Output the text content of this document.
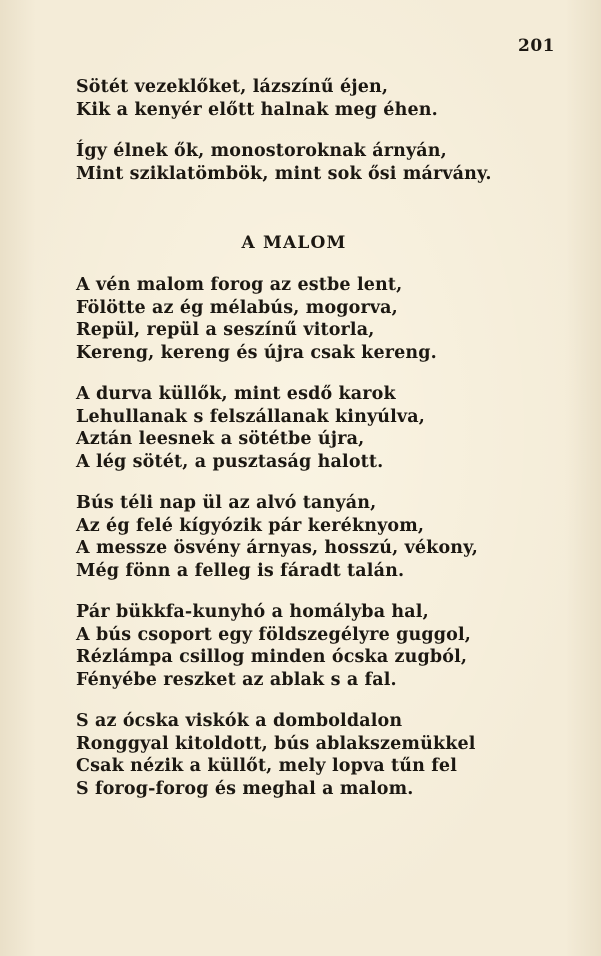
201
Sötét vezeklőket, lázszínű éjen,
Kik a kenyér előtt halnak meg éhen.
Így élnek ők, monostoroknak árnyán,
Mint sziklatömbök, mint sok ősi márvány.
A MALOM
A vén malom forog az estbe lent,
Fölötte az ég mélabús, mogorva,
Repül, repül a seszínű vitorla,
Kereng, kereng és újra csak kereng.
A durva küllők, mint esdő karok
Lehullanak s felszállanak kinyúlva,
Aztán leesnek a sötétbe újra,
A lég sötét, a pusztaság halott.
Bús téli nap ül az alvó tanyán,
Az ég felé kígyózik pár keréknyom,
A messze ösvény árnyas, hosszú, vékony,
Még fönn a felleg is fáradt talán.
Pár bükkfa-kunyhó a homályba hal,
A bús csoport egy földszegélyre guggol,
Rézlámpa csillog minden ócska zugból,
Fényébe reszket az ablak s a fal.
S az ócska viskók a domboldalon
Ronggyal kitoldott, bús ablakszemükkel
Csak nézik a küllőt, mely lopva tűn fel
S forog-forog és meghal a malom.
